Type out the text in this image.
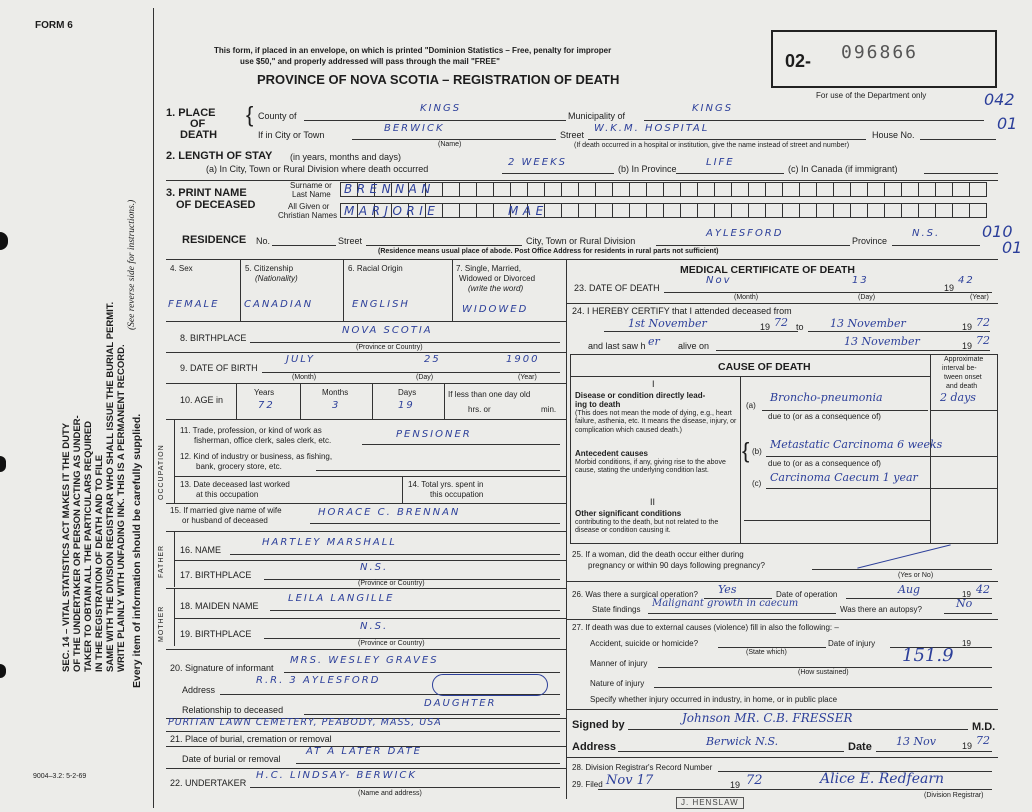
FORM 6
SEC. 14 – VITAL STATISTICS ACT MAKES IT THE DUTY OF THE UNDERTAKER OR PERSON ACTING AS UNDER- TAKER TO OBTAIN ALL THE PARTICULARS REQUIRED IN THE REGISTRATION OF DEATH AND TO FILE SAME WITH THE DIVISION REGISTRAR WHO SHALL ISSUE THE BURIAL PERMIT. WRITE PLAINLY WITH UNFADING INK. THIS IS A PERMANENT RECORD.
(See reverse side for instructions.)
Every item of information should be carefully supplied.
9004–3.2: 5-2-69
This form, if placed in an envelope, on which is printed "Dominion Statistics – Free, penalty for improper
use $50," and properly addressed will pass through the mail "FREE"
PROVINCE OF NOVA SCOTIA – REGISTRATION OF DEATH
02- 096866
For use of the Department only	042
01
1. PLACE
OF
DEATH
{ County of
KINGS
Municipality of
KINGS
If in City or Town
BERWICK
(Name)
Street
W.K.M. HOSPITAL
House No.
(If death occurred in a hospital or institution, give the name instead of street and number)
2. LENGTH OF STAY (in years, months and days)
(a) In City, Town or Rural Division where death occurred
2 WEEKS
(b) In Province
LIFE
(c) In Canada (if immigrant)
3. PRINT NAME
OF DECEASED
Surname or
Last Name
All Given or
Christian Names
BRENNAN
MARJORIE	MAE
RESIDENCE No.	Street	City, Town or Rural Division
AYLESFORD
Province
N.S.	010
01
(Residence means usual place of abode. Post Office Address for residents in rural parts not sufficient)
4. Sex	5. Citizenship
(Nationality)
6. Racial Origin	7. Single, Married,
Widowed or Divorced
(write the word)
FEMALE CANADIAN	ENGLISH	WIDOWED
8. BIRTHPLACE
NOVA SCOTIA
(Province or Country)
9. DATE OF BIRTH
JULY	25	1900
(Month)	(Day)	(Year)
10. AGE in
Years	Months	Days
72	3	19
If less than one day old
hrs. or	min.
OCCUPATION
11. Trade, profession, or kind of work as
fisherman, office clerk, sales clerk, etc.
PENSIONER
12. Kind of industry or business, as fishing,
bank, grocery store, etc.
13. Date deceased last worked
at this occupation
14. Total yrs. spent in
this occupation
15. If married give name of wife
or husband of deceased
HORACE C. BRENNAN
FATHER 16. NAME
HARTLEY MARSHALL
17. BIRTHPLACE
N.S.
(Province or Country)
MOTHER 18. MAIDEN NAME
LEILA LANGILLE
19. BIRTHPLACE
N.S.
(Province or Country)
20. Signature of informant
MRS. WESLEY GRAVES
Address
R.R. 3 AYLESFORD
Relationship to deceased
DAUGHTER
PURITAN LAWN CEMETERY, PEABODY, MASS, USA
21. Place of burial, cremation or removal
Date of burial or removal
AT A LATER DATE
22. UNDERTAKER
H.C. LINDSAY- BERWICK
(Name and address)
MEDICAL CERTIFICATE OF DEATH
23. DATE OF DEATH
Nov	13
19
42
(Month)	(Day)	(Year)
24. I HEREBY CERTIFY that I attended deceased from
1st November	19 72 to 13 November	19 72
and last saw h er alive on	13 November	19 72
CAUSE OF DEATH
Approximate
interval be-
tween onset
and death
I
Disease or condition directly lead-
ing to death
(This does not mean the mode of dying, e.g., heart failure, asthenia, etc. It means the disease, injury, or complication which caused death.)
(a)
Broncho-pneumonia	2 days
due to (or as a consequence of)
Antecedent causes
Morbid conditions, if any, giving rise to the above cause, stating the underlying condition last.
{ (b)
Metastatic Carcinoma 6 weeks
due to (or as a consequence of)
(c) Carcinoma Caecum 1 year
II
Other significant conditions
contributing to the death, but not related to the disease or condition causing it.
25. If a woman, did the death occur either during
pregnancy or within 90 days following pregnancy?
(Yes or No)
26. Was there a surgical operation? Yes	Date of operation	Aug	19 42
State findings
Malignant growth in caecum
Was there an autopsy?	No
27. If death was due to external causes (violence) fill in also the following: –
Accident, suicide or homicide?	Date of injury	19
(State which)
Manner of injury	151.9
(How sustained)
Nature of injury
Specify whether injury occurred in industry, in home, or in public place
Signed by	Johnson MR. C.B. FRESSER
M.D.
Address	Berwick N.S.	Date 13 Nov	19 72
28. Division Registrar's Record Number
29. Filed Nov 17	19 72	Alice E. Redfearn
(Division Registrar)
J. HENSLAW
